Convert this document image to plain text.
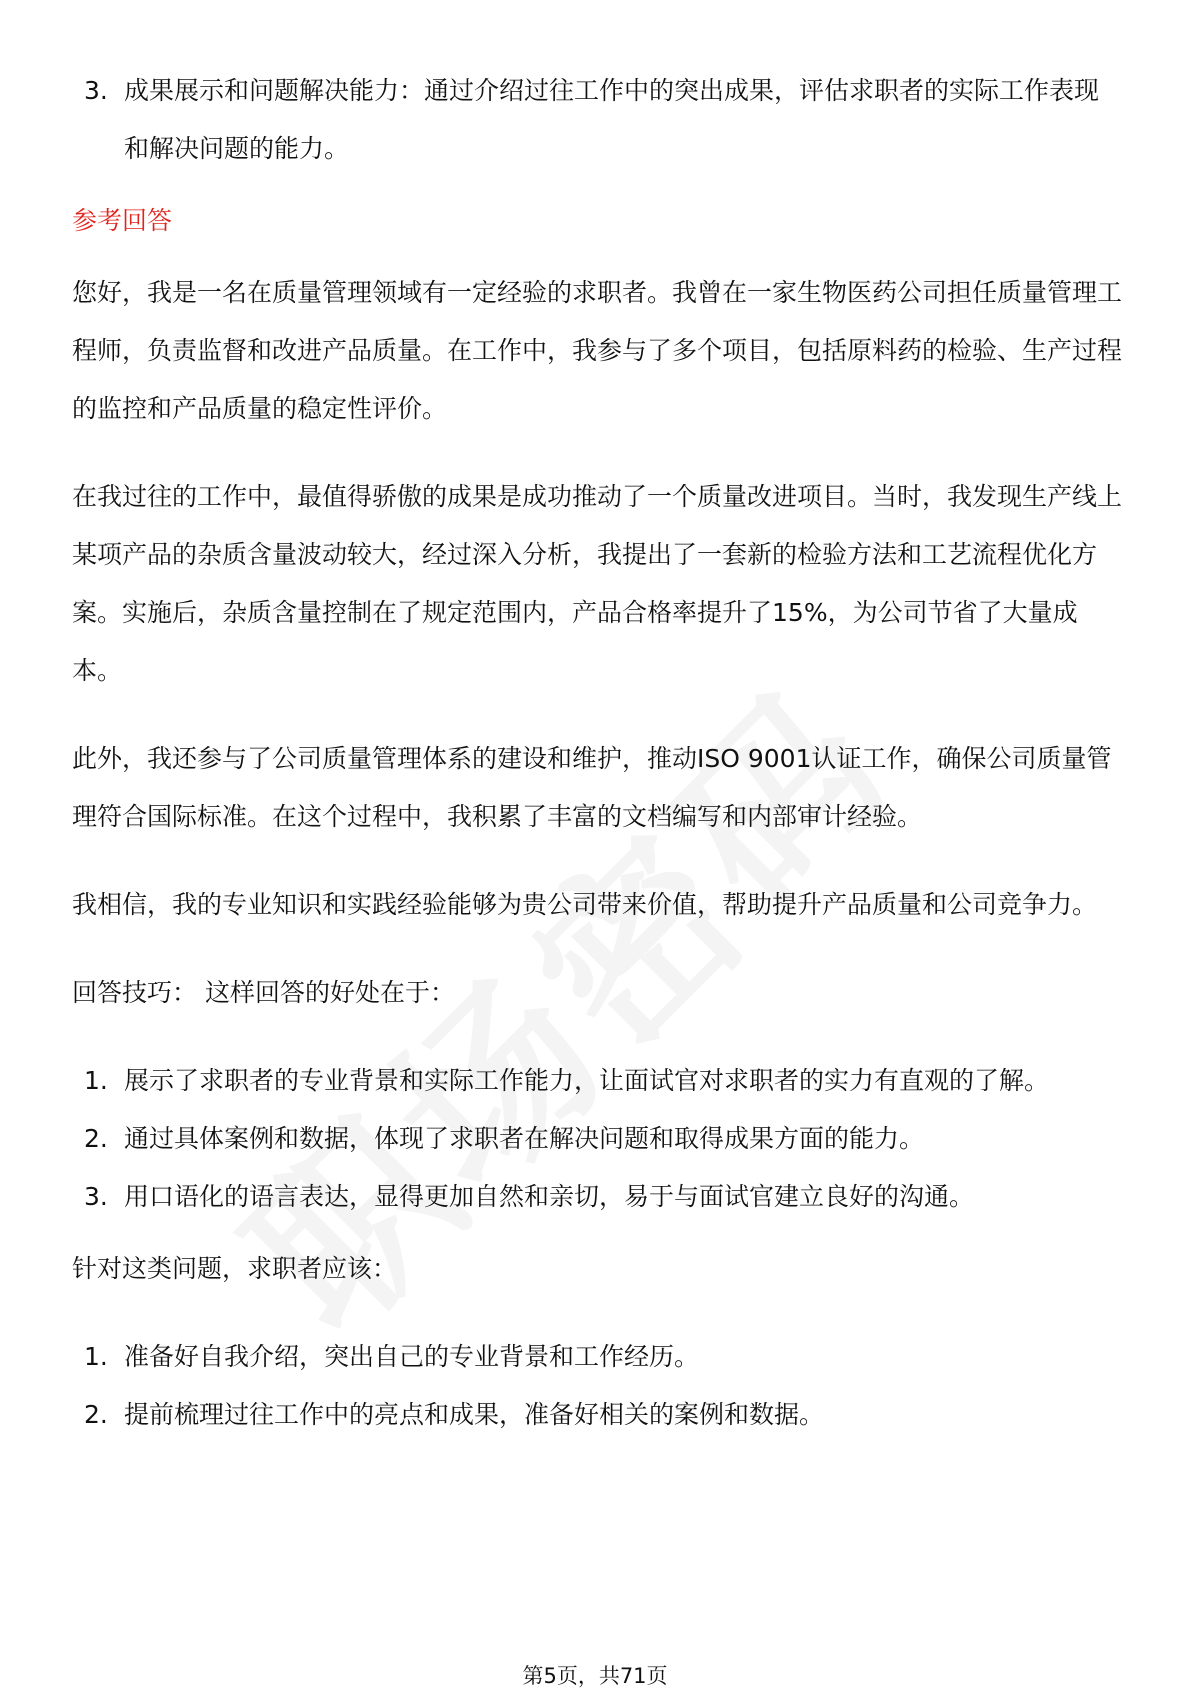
3. 成果展示和问题解决能力：通过介绍过往工作中的突出成果，评估求职者的实际工作表现和解决问题的能力。
参考回答

您好，我是一名在质量管理领域有一定经验的求职者。我曾在一家生物医药公司担任质量管理工程师，负责监督和改进产品质量。在工作中，我参与了多个项目，包括原料药的检验、生产过程的监控和产品质量的稳定性评价。

在我过往的工作中，最值得骄傲的成果是成功推动了一个质量改进项目。当时，我发现生产线上某项产品的杂质含量波动较大，经过深入分析，我提出了一套新的检验方法和工艺流程优化方案。实施后，杂质含量控制在了规定范围内，产品合格率提升了15%，为公司节省了大量成本。

此外，我还参与了公司质量管理体系的建设和维护，推动ISO 9001认证工作，确保公司质量管理符合国际标准。在这个过程中，我积累了丰富的文档编写和内部审计经验。

我相信，我的专业知识和实践经验能够为贵公司带来价值，帮助提升产品质量和公司竞争力。

回答技巧： 这样回答的好处在于：

1. 展示了求职者的专业背景和实际工作能力，让面试官对求职者的实力有直观的了解。
2. 通过具体案例和数据，体现了求职者在解决问题和取得成果方面的能力。
3. 用口语化的语言表达，显得更加自然和亲切，易于与面试官建立良好的沟通。

针对这类问题，求职者应该：

1. 准备好自我介绍，突出自己的专业背景和工作经历。
2. 提前梳理过往工作中的亮点和成果，准备好相关的案例和数据。
第5页，共71页
